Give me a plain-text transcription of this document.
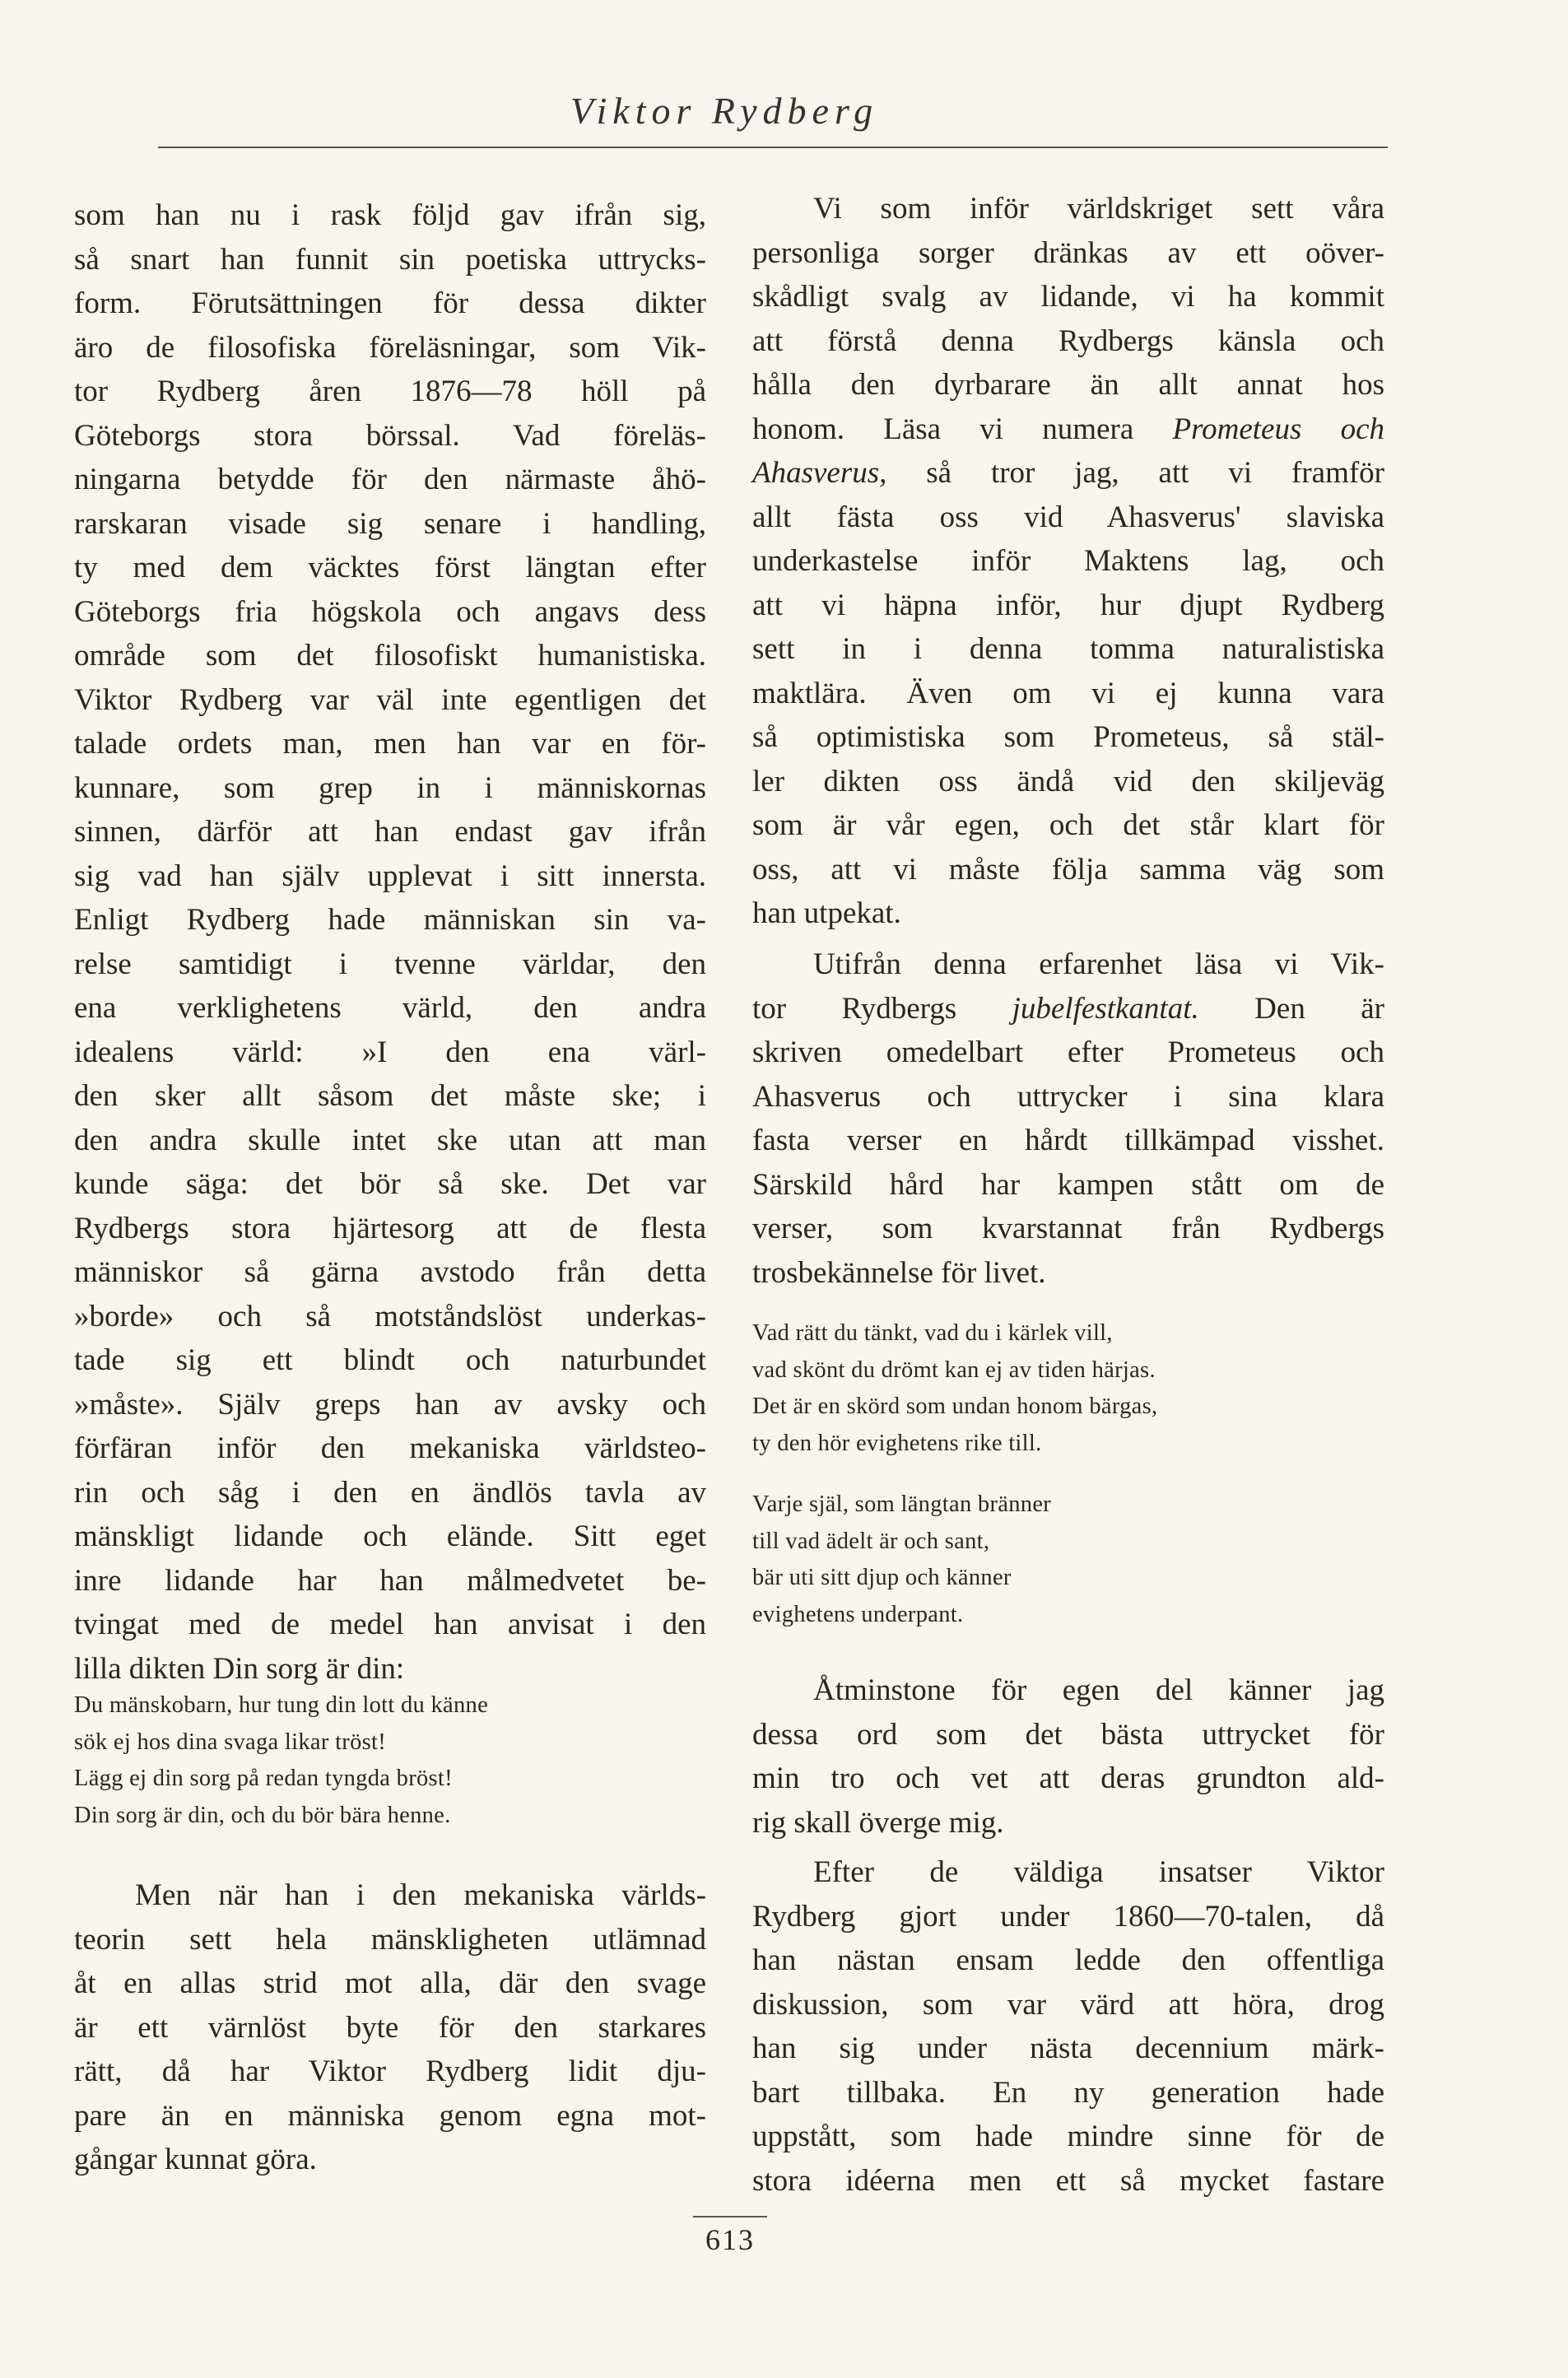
Viktor Rydberg
som han nu i rask följd gav ifrån sig,
så snart han funnit sin poetiska uttrycks-
form. Förutsättningen för dessa dikter
äro de filosofiska föreläsningar, som Vik-
tor Rydberg åren 1876—78 höll på
Göteborgs stora börssal. Vad föreläs-
ningarna betydde för den närmaste åhö-
rarskaran visade sig senare i handling,
ty med dem väcktes först längtan efter
Göteborgs fria högskola och angavs dess
område som det filosofiskt humanistiska.
Viktor Rydberg var väl inte egentligen det
talade ordets man, men han var en för-
kunnare, som grep in i människornas
sinnen, därför att han endast gav ifrån
sig vad han själv upplevat i sitt innersta.
Enligt Rydberg hade människan sin va-
relse samtidigt i tvenne världar, den
ena verklighetens värld, den andra
idealens värld: »I den ena värl-
den sker allt såsom det måste ske; i
den andra skulle intet ske utan att man
kunde säga: det bör så ske. Det var
Rydbergs stora hjärtesorg att de flesta
människor så gärna avstodo från detta
»borde» och så motståndslöst underkas-
tade sig ett blindt och naturbundet
»måste». Själv greps han av avsky och
förfäran inför den mekaniska världsteo-
rin och såg i den en ändlös tavla av
mänskligt lidande och elände. Sitt eget
inre lidande har han målmedvetet be-
tvingat med de medel han anvisat i den
lilla dikten Din sorg är din:
Du mänskobarn, hur tung din lott du känne
sök ej hos dina svaga likar tröst!
Lägg ej din sorg på redan tyngda bröst!
Din sorg är din, och du bör bära henne.
Men när han i den mekaniska världs-
teorin sett hela mänskligheten utlämnad
åt en allas strid mot alla, där den svage
är ett värnlöst byte för den starkares
rätt, då har Viktor Rydberg lidit dju-
pare än en människa genom egna mot-
gångar kunnat göra.
Vi som inför världskriget sett våra
personliga sorger dränkas av ett oöver-
skådligt svalg av lidande, vi ha kommit
att förstå denna Rydbergs känsla och
hålla den dyrbarare än allt annat hos
honom. Läsa vi numera Prometeus och
Ahasverus, så tror jag, att vi framför
allt fästa oss vid Ahasverus' slaviska
underkastelse inför Maktens lag, och
att vi häpna inför, hur djupt Rydberg
sett in i denna tomma naturalistiska
maktlära. Även om vi ej kunna vara
så optimistiska som Prometeus, så stäl-
ler dikten oss ändå vid den skiljeväg
som är vår egen, och det står klart för
oss, att vi måste följa samma väg som
han utpekat.
Utifrån denna erfarenhet läsa vi Vik-
tor Rydbergs jubelfestkantat. Den är
skriven omedelbart efter Prometeus och
Ahasverus och uttrycker i sina klara
fasta verser en hårdt tillkämpad visshet.
Särskild hård har kampen stått om de
verser, som kvarstannat från Rydbergs
trosbekännelse för livet.
Vad rätt du tänkt, vad du i kärlek vill,
vad skönt du drömt kan ej av tiden härjas.
Det är en skörd som undan honom bärgas,
ty den hör evighetens rike till.
Varje själ, som längtan bränner
till vad ädelt är och sant,
bär uti sitt djup och känner
evighetens underpant.
Åtminstone för egen del känner jag
dessa ord som det bästa uttrycket för
min tro och vet att deras grundton ald-
rig skall överge mig.
Efter de väldiga insatser Viktor
Rydberg gjort under 1860—70-talen, då
han nästan ensam ledde den offentliga
diskussion, som var värd att höra, drog
han sig under nästa decennium märk-
bart tillbaka. En ny generation hade
uppstått, som hade mindre sinne för de
stora idéerna men ett så mycket fastare
613
